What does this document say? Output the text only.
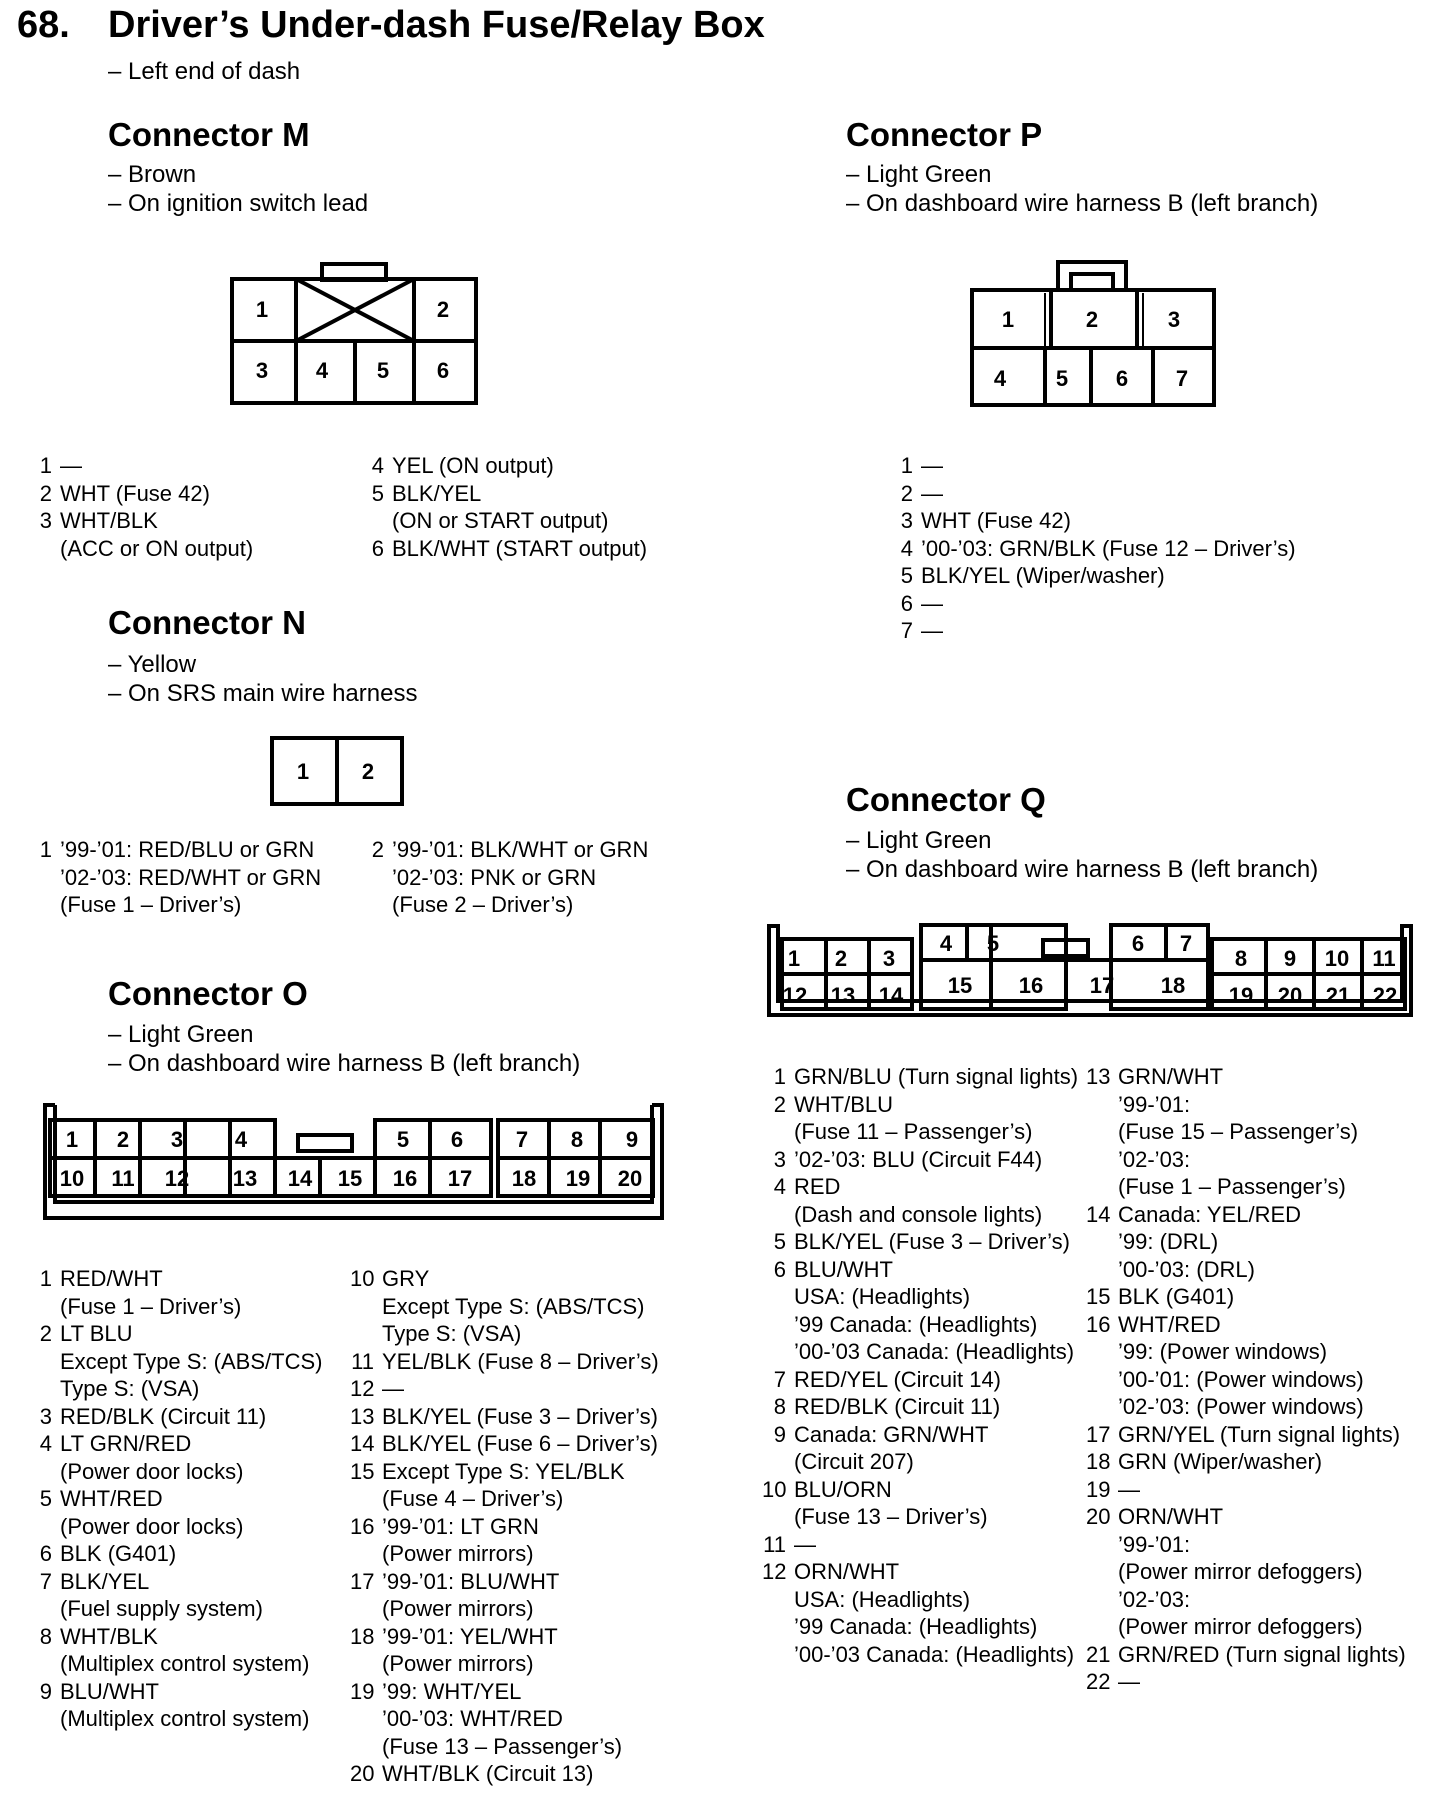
68. Driver’s Under-dash Fuse/Relay Box
– Left end of dash
Connector M
– Brown
– On ignition switch lead
1	2
3 4 5 6
1 2
1	2	3
4 5 6 7
1 2 3 4	5 6 7 8 9
10 11 12 13 14 15 16 17 18 19 20
1 2 3
4 5	6 7
8 9 10 11
12 13 14 15 16 17 18 19 20 21 22
1 —
2 WHT (Fuse 42)
3 WHT/BLK
(ACC or ON output)
4 YEL (ON output)
5 BLK/YEL
(ON or START output)
6 BLK/WHT (START output)
Connector N
– Yellow
– On SRS main wire harness
1 ’99-’01: RED/BLU or GRN
’02-’03: RED/WHT or GRN
(Fuse 1 – Driver’s)
2 ’99-’01: BLK/WHT or GRN
’02-’03: PNK or GRN
(Fuse 2 – Driver’s)
Connector O
– Light Green
– On dashboard wire harness B (left branch)
1 RED/WHT
(Fuse 1 – Driver’s)
2 LT BLU
Except Type S: (ABS/TCS)
Type S: (VSA)
3 RED/BLK (Circuit 11)
4 LT GRN/RED
(Power door locks)
5 WHT/RED
(Power door locks)
6 BLK (G401)
7 BLK/YEL
(Fuel supply system)
8 WHT/BLK
(Multiplex control system)
9 BLU/WHT
(Multiplex control system)
10 GRY
Except Type S: (ABS/TCS)
Type S: (VSA)
11 YEL/BLK (Fuse 8 – Driver’s)
12 —
13 BLK/YEL (Fuse 3 – Driver’s)
14 BLK/YEL (Fuse 6 – Driver’s)
15 Except Type S: YEL/BLK
(Fuse 4 – Driver’s)
16 ’99-’01: LT GRN
(Power mirrors)
17 ’99-’01: BLU/WHT
(Power mirrors)
18 ’99-’01: YEL/WHT
(Power mirrors)
19 ’99: WHT/YEL
’00-’03: WHT/RED
(Fuse 13 – Passenger’s)
20 WHT/BLK (Circuit 13)
Connector P
– Light Green
– On dashboard wire harness B (left branch)
1 —
2 —
3 WHT (Fuse 42)
4 ’00-’03: GRN/BLK (Fuse 12 – Driver’s)
5 BLK/YEL (Wiper/washer)
6 —
7 —
Connector Q
– Light Green
– On dashboard wire harness B (left branch)
1 GRN/BLU (Turn signal lights)
2 WHT/BLU
(Fuse 11 – Passenger’s)
3 ’02-’03: BLU (Circuit F44)
4 RED
(Dash and console lights)
5 BLK/YEL (Fuse 3 – Driver’s)
6 BLU/WHT
USA: (Headlights)
’99 Canada: (Headlights)
’00-’03 Canada: (Headlights)
7 RED/YEL (Circuit 14)
8 RED/BLK (Circuit 11)
9 Canada: GRN/WHT
(Circuit 207)
10 BLU/ORN
(Fuse 13 – Driver’s)
11 —
12 ORN/WHT
USA: (Headlights)
’99 Canada: (Headlights)
’00-’03 Canada: (Headlights)
13 GRN/WHT
’99-’01:
(Fuse 15 – Passenger’s)
’02-’03:
(Fuse 1 – Passenger’s)
14 Canada: YEL/RED
’99: (DRL)
’00-’03: (DRL)
15 BLK (G401)
16 WHT/RED
’99: (Power windows)
’00-’01: (Power windows)
’02-’03: (Power windows)
17 GRN/YEL (Turn signal lights)
18 GRN (Wiper/washer)
19 —
20 ORN/WHT
’99-’01:
(Power mirror defoggers)
’02-’03:
(Power mirror defoggers)
21 GRN/RED (Turn signal lights)
22 —
